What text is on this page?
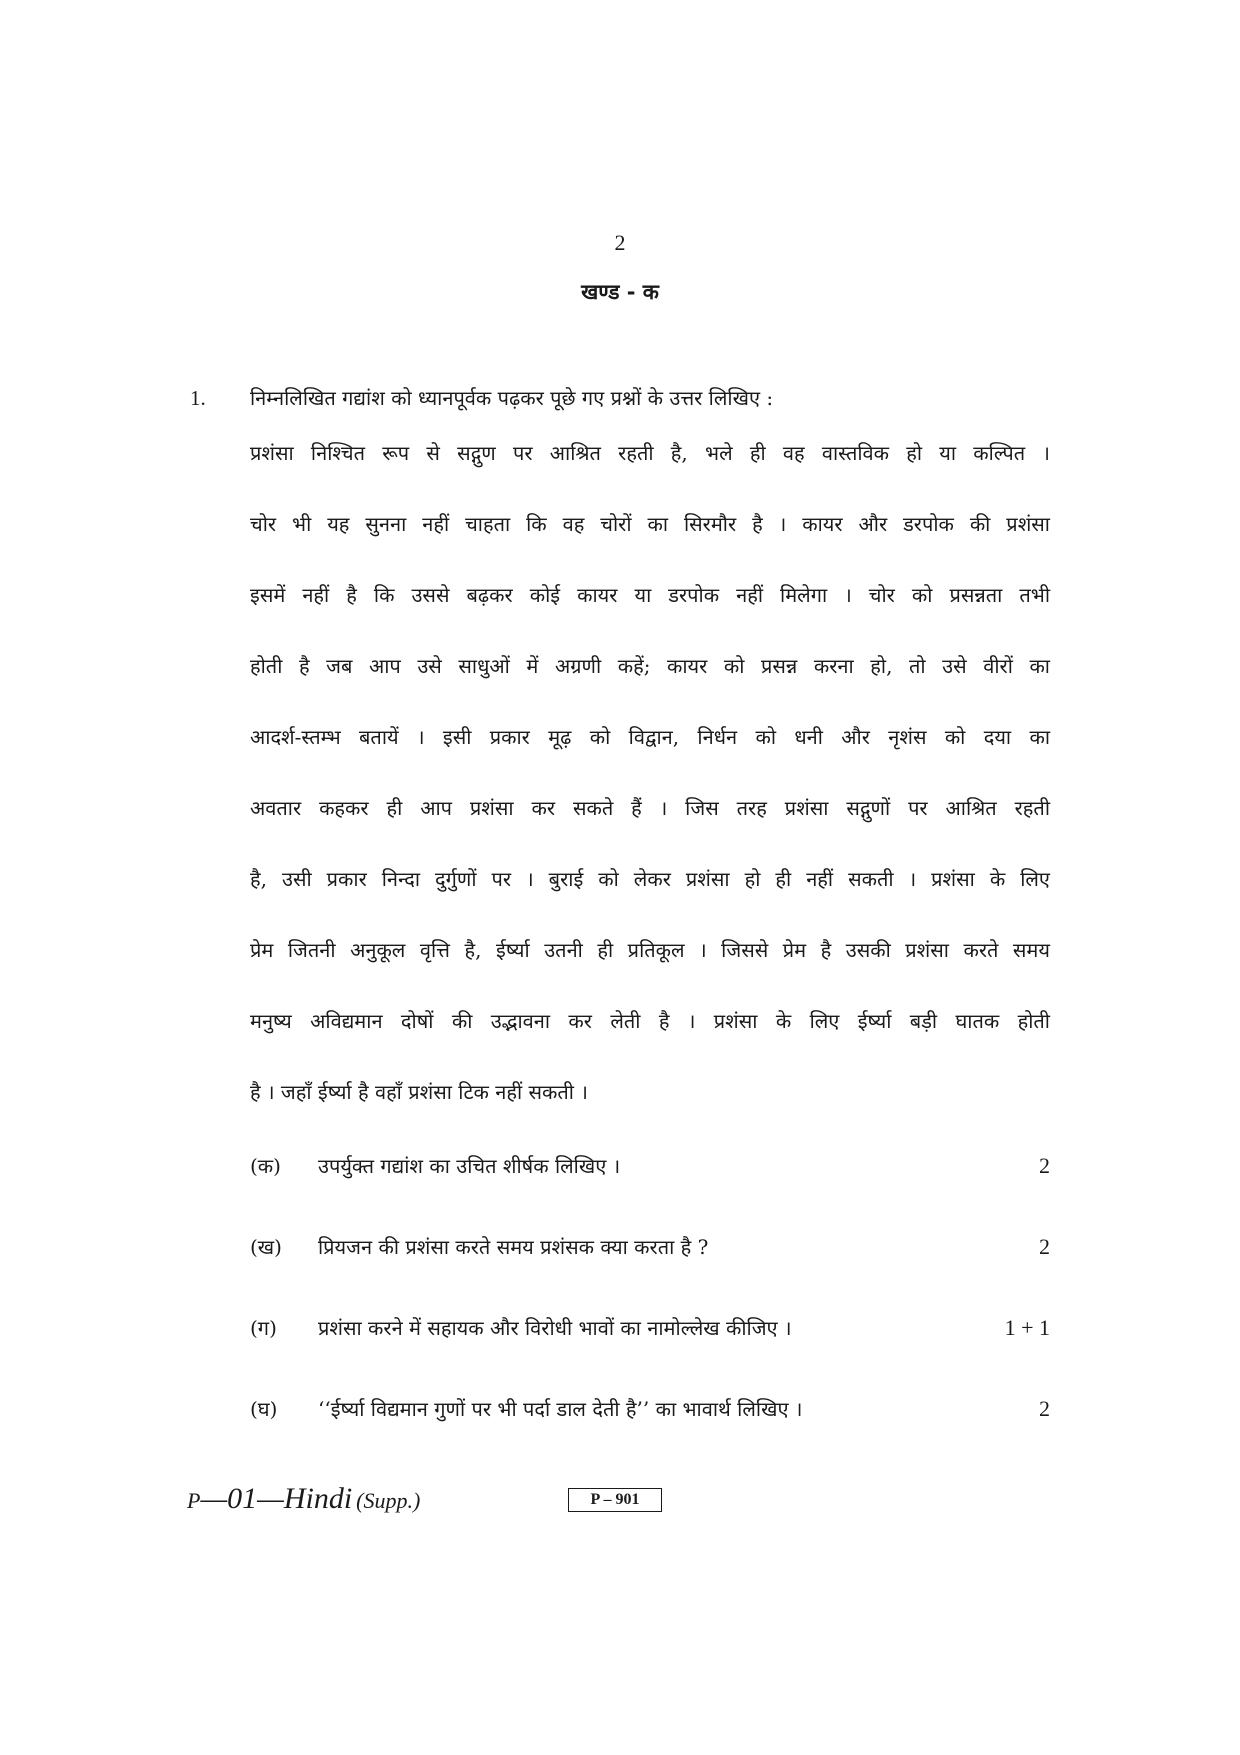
2
खण्ड - क
1. निम्नलिखित गद्यांश को ध्यानपूर्वक पढ़कर पूछे गए प्रश्नों के उत्तर लिखिए :
प्रशंसा निश्चित रूप से सद्गुण पर आश्रित रहती है, भले ही वह वास्तविक हो या कल्पित ।
चोर भी यह सुनना नहीं चाहता कि वह चोरों का सिरमौर है । कायर और डरपोक की प्रशंसा
इसमें नहीं है कि उससे बढ़कर कोई कायर या डरपोक नहीं मिलेगा । चोर को प्रसन्नता तभी
होती है जब आप उसे साधुओं में अग्रणी कहें; कायर को प्रसन्न करना हो, तो उसे वीरों का
आदर्श-स्तम्भ बतायें । इसी प्रकार मूढ़ को विद्वान, निर्धन को धनी और नृशंस को दया का
अवतार कहकर ही आप प्रशंसा कर सकते हैं । जिस तरह प्रशंसा सद्गुणों पर आश्रित रहती
है, उसी प्रकार निन्दा दुर्गुणों पर । बुराई को लेकर प्रशंसा हो ही नहीं सकती । प्रशंसा के लिए
प्रेम जितनी अनुकूल वृत्ति है, ईर्ष्या उतनी ही प्रतिकूल । जिससे प्रेम है उसकी प्रशंसा करते समय
मनुष्य अविद्यमान दोषों की उद्भावना कर लेती है । प्रशंसा के लिए ईर्ष्या बड़ी घातक होती
है । जहाँ ईर्ष्या है वहाँ प्रशंसा टिक नहीं सकती ।
(क) उपर्युक्त गद्यांश का उचित शीर्षक लिखिए ।	2
(ख) प्रियजन की प्रशंसा करते समय प्रशंसक क्या करता है ?	2
(ग) प्रशंसा करने में सहायक और विरोधी भावों का नामोल्लेख कीजिए ।	1 + 1
(घ) ‘‘ईर्ष्या विद्यमान गुणों पर भी पर्दा डाल देती है’’ का भावार्थ लिखिए ।	2
P—01—Hindi (Supp.)	P – 901
